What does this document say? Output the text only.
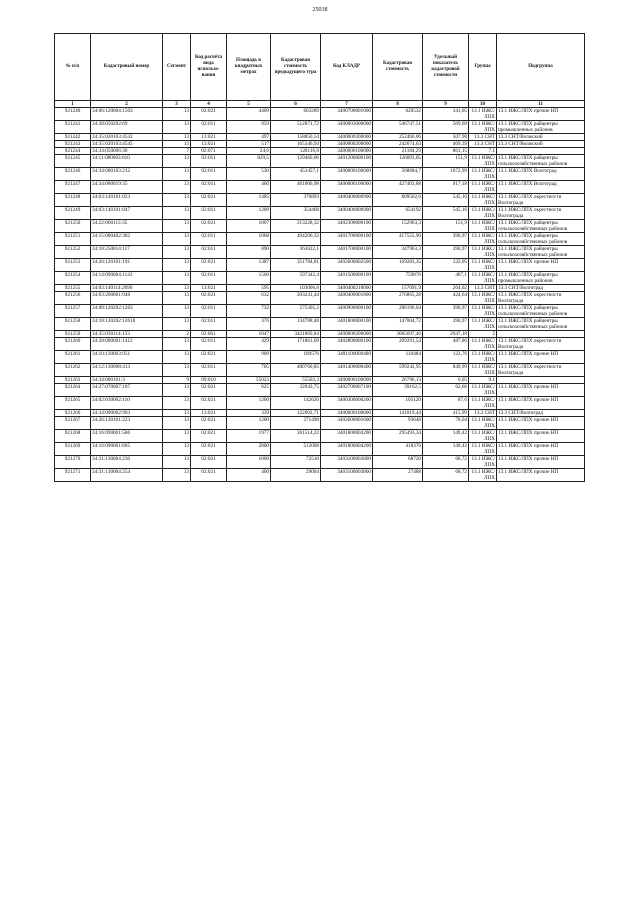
25038
№ п/п	Кадастровый номер	Сегмент	Код расчёта вида использо-вания	Площадь в квадратных метрах	Кадастровая стоимость предыдущего тура	Код КЛАДР	Кадастровая стоимость	Удельный показатель кадастровой стоимости	Группа	Подгруппа
1	2	3	4	5	6	7	8	9	10	11
921240	34:06:120004:1503	13	02:021	4409	603289	3400700001000	620532	141,05	13.1 ИЖС/ЛПХ	13.1 ИЖС/ЛПХ прочие НП
921241	34:38:050202:69	13	02:011	959	512871,72	3400003000000	546747,51	569,69	13.1 ИЖС/ЛПХ	13.1 ИЖС/ЛПХ райцентры промышленных районов
921242	34:35:020103:4532	13	13:021	497	158850,54	3400000200000	252466,06	507,98	13.3 СНТ	13.3 СНТ/Волжский
921243	34:35:020103:4545	13	13:021	517	165346,94	3400000200000	242674,63	469,39	13.3 СНТ	13.3 СНТ/Волжский
921244	34:34:050006:30	7	02:071	24,6	128116,8	3400000100000	21184,29	861,15	7.1	
921245	34:11:080003:610	13	02:011	829,5	129460,06	3401200000100	126093,05	151,9	13.1 ИЖС/ЛПХ	13.1 ИЖС/ЛПХ райцентры сельскохозяйственных районов
921246	34:34:080103:212	13	02:011	530	451457,1	3400000100000	568684,7	1072,99	13.1 ИЖС/ЛПХ	13.1 ИЖС/ЛПХ Волгоград
921247	34:34:080019:35	13	02:011	460	401006,98	3400000100000	427403,88	917,18	13.1 ИЖС/ЛПХ	13.1 ИЖС/ЛПХ Волгоград
921248	34:03:140101:823	13	02:021	1485	370893	3400400000900	809562,6	545,16	13.1 ИЖС/ЛПХ	13.1 ИЖС/ЛПХ окрестности Волгограда
921249	34:03:140101:847	13	02:011	1200	354468	3400400000900	654192	545,16	13.1 ИЖС/ЛПХ	13.1 ИЖС/ЛПХ окрестности Волгограда
921250	34:22:060113:35	13	02:021	1007	213228,32	3402300000100	152963,3	151,9	13.1 ИЖС/ЛПХ	13.1 ИЖС/ЛПХ райцентры сельскохозяйственных районов
921251	34:15:080402:382	13	02:011	1068	494206,32	3401700000100	417555,96	390,97	13.1 ИЖС/ЛПХ	13.1 ИЖС/ЛПХ райцентры сельскохозяйственных районов
921252	34:18:250014:117	13	02:011	890	363022,1	3401700000100	347963,3	390,97	13.1 ИЖС/ЛПХ	13.1 ИЖС/ЛПХ райцентры сельскохозяйственных районов
921253	34:26:120101:191	13	02:021	1387	351784,81	3402600002500	169283,35	122,05	13.1 ИЖС/ЛПХ	13.1 ИЖС/ЛПХ прочие НП
921254	34:14:090004:1143	13	02:011	1560	597342,4	3401500000100	759876	487,1	13.1 ИЖС/ЛПХ	13.1 ИЖС/ЛПХ райцентры промышленных районов
921255	34:03:140114:2090	13	13:021	595	103006,8	3400400210000	157091,9	264,02	13.3 СНТ	13.3 СНТ/Волгоград
921256	34:03:200001:948	13	02:021	632	203241,44	3400400001800	276865,28	424,64	13.1 ИЖС/ЛПХ	13.1 ИЖС/ЛПХ окрестности Волгограда
921257	34:08:120202:1263	13	02:011	732	275305,2	3400900000100	286190,04	390,97	13.1 ИЖС/ЛПХ	13.1 ИЖС/ЛПХ райцентры сельскохозяйственных районов
921258	34:18:120202:12618	13	02:011	376	134788,48	3401800000100	147004,72	390,97	13.1 ИЖС/ЛПХ	13.1 ИЖС/ЛПХ райцентры сельскохозяйственных районов
921259	34:35:030114:133	2	02:061	1047	3421869,84	3400000200000	3085697,46	2947,18	2	
921260	34:28:080001:1412	13	02:011	429	171861,69	3402800000100	209291,54	487,86	13.1 ИЖС/ЛПХ	13.1 ИЖС/ЛПХ окрестности Волгограда
921261	34:10:130003:951	13	02:021	900	189576	3401100000400	110484	122,76	13.1 ИЖС/ЛПХ	13.1 ИЖС/ЛПХ прочие НП
921262	34:12:130008:413	13	02:011	705	400760,85	3401400000400	599242,95	849,99	13.1 ИЖС/ЛПХ	13.1 ИЖС/ЛПХ окрестности Волгограда
921263	34:34:080101:3	9	09:010	55023	55502,3	3400000100000	26796,13	0,05	9.1	
921264	34:27:070007:187	13	02:021	625	32043,75	3402700007100	39162,5	62,66	13.1 ИЖС/ЛПХ	13.1 ИЖС/ЛПХ прочие НП
921265	34:02:030002:110	13	02:021	1200	142620	3400300000200	105120	87,6	13.1 ИЖС/ЛПХ	13.1 ИЖС/ЛПХ прочие НП
921266	34:34:090002:903	13	13:021	339	122002,71	3400000100000	141019,44	415,99	13.3 СНТ	13.3 СНТ/Волгоград
921267	34:26:130101:223	13	02:021	1200	271498	3402600001600	93648	78,04	13.1 ИЖС/ЛПХ	13.1 ИЖС/ЛПХ прочие НП
921268	34:16:090001:586	13	02:021	1977	361514,22	3401800004200	295493,34	149,42	13.1 ИЖС/ЛПХ	13.1 ИЖС/ЛПХ прочие НП
921269	34:16:090001:605	13	02:021	2800	512008	3401800004200	418376	149,42	13.1 ИЖС/ЛПХ	13.1 ИЖС/ЛПХ прочие НП
921270	34:31:130004:230	13	02:021	1000	72510	3403100003800	68720	68,72	13.1 ИЖС/ЛПХ	13.1 ИЖС/ЛПХ прочие НП
921271	34:31:130004:254	13	02:021	400	29004	3403100003800	27488	68,72	13.1 ИЖС/ЛПХ	13.1 ИЖС/ЛПХ прочие НП
